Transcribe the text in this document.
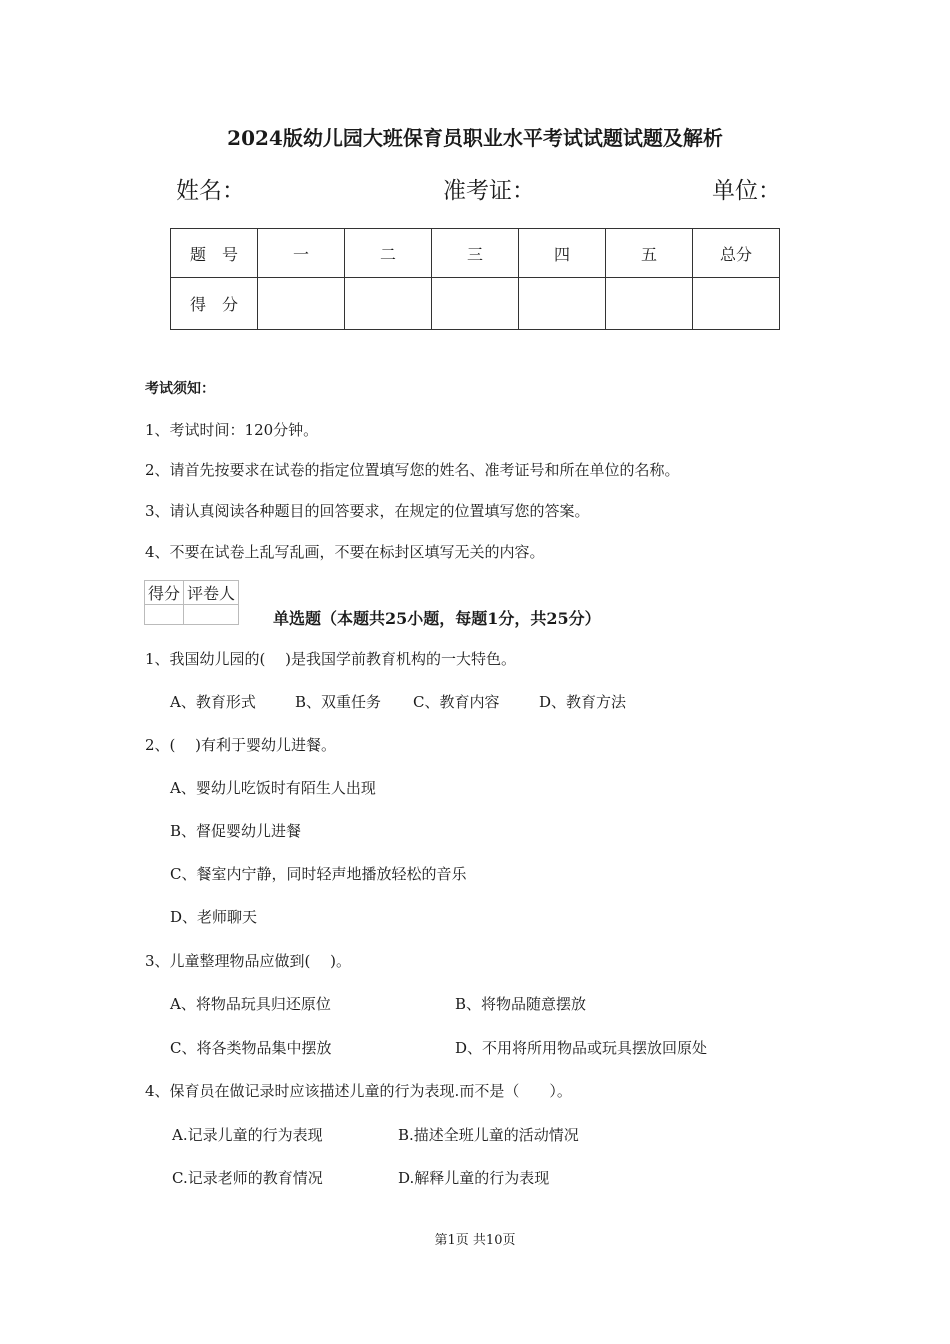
2024版幼儿园大班保育员职业水平考试试题试题及解析
姓名：	准考证：	单位：
题　号	一	二	三	四	五	总分
得　分						
考试须知：
1、考试时间：120分钟。
2、请首先按要求在试卷的指定位置填写您的姓名、准考证号和所在单位的名称。
3、请认真阅读各种题目的回答要求，在规定的位置填写您的答案。
4、不要在试卷上乱写乱画，不要在标封区填写无关的内容。
得分	评卷人

单选题（本题共25小题，每题1分，共25分）
1、我国幼儿园的(　 )是我国学前教育机构的一大特色。
A、教育形式	B、双重任务 C、教育内容	D、教育方法
2、(　 )有利于婴幼儿进餐。
A、婴幼儿吃饭时有陌生人出现
B、督促婴幼儿进餐
C、餐室内宁静，同时轻声地播放轻松的音乐
D、老师聊天
3、儿童整理物品应做到(　 )。
A、将物品玩具归还原位	B、将物品随意摆放
C、将各类物品集中摆放	D、不用将所用物品或玩具摆放回原处
4、保育员在做记录时应该描述儿童的行为表现.而不是（　　）。
A.记录儿童的行为表现	B.描述全班儿童的活动情况
C.记录老师的教育情况	D.解释儿童的行为表现
第1页 共10页
